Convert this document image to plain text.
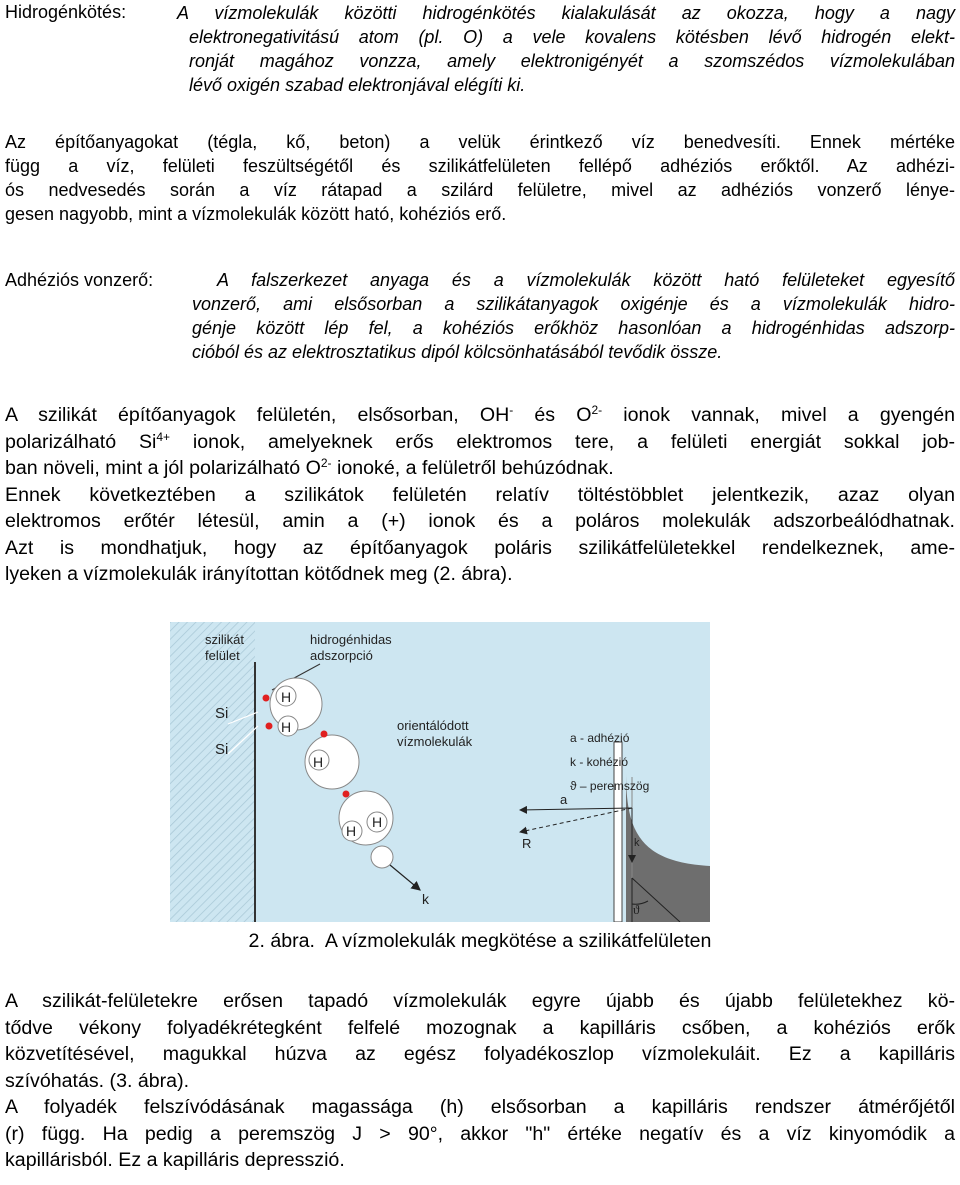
Hidrogénkötés:	A vízmolekulák közötti hidrogénkötés kialakulását az okozza, hogy a nagy
elektronegativitású atom (pl. O) a vele kovalens kötésben lévő hidrogén elekt-
ronját magához vonzza, amely elektronigényét a szomszédos vízmolekulában
lévő oxigén szabad elektronjával elégíti ki.
Az építőanyagokat (tégla, kő, beton) a velük érintkező víz benedvesíti. Ennek mértéke
függ a víz, felületi feszültségétől és szilikátfelületen fellépő adhéziós erőktől. Az adhézi-
ós nedvesedés során a víz rátapad a szilárd felületre, mivel az adhéziós vonzerő lénye-
gesen nagyobb, mint a vízmolekulák között ható, kohéziós erő.
Adhéziós vonzerő:	A falszerkezet anyaga és a vízmolekulák között ható felületeket egyesítő
vonzerő, ami elsősorban a szilikátanyagok oxigénje és a vízmolekulák hidro-
génje között lép fel, a kohéziós erőkhöz hasonlóan a hidrogénhidas adszorp-
cióból és az elektrosztatikus dipól kölcsönhatásából tevődik össze.
A szilikát építőanyagok felületén, elsősorban, OH- és $O^{2-}$ ionok vannak, mivel a gyengén
polarizálható $Si^{4+}$ ionok, amelyeknek erős elektromos tere, a felületi energiát sokkal job-
ban növeli, mint a jól polarizálható $O^{2-}$ ionoké, a felületről behúzódnak.
Ennek következtében a szilikátok felületén relatív töltéstöbblet jelentkezik, azaz olyan
elektromos erőtér létesül, amin a (+) ionok és a poláros molekulák adszorbeálódhatnak.
Azt is mondhatjuk, hogy az építőanyagok poláris szilikátfelületekkel rendelkeznek, ame-
lyeken a vízmolekulák irányítottan kötődnek meg (2. ábra).
szilikát
felület
Si
Si
hidrogénhidas
adszorpció
H
H
H
H
H
k
orientálódott
vízmolekulák
ϑ
a
R	k
a - adhézió
k - kohézió
ϑ – peremszög
2. ábra. A vízmolekulák megkötése a szilikátfelületen
A szilikát-felületekre erősen tapadó vízmolekulák egyre újabb és újabb felületekhez kö-
tődve vékony folyadékrétegként felfelé mozognak a kapilláris csőben, a kohéziós erők
közvetítésével, magukkal húzva az egész folyadékoszlop vízmolekuláit. Ez a kapilláris
szívóhatás. (3. ábra).
A folyadék felszívódásának magassága (h) elsősorban a kapilláris rendszer átmérőjétől
(r) függ. Ha pedig a peremszög J > 90°, akkor "h" értéke negatív és a víz kinyomódik a
kapillárisból. Ez a kapilláris depresszió.
